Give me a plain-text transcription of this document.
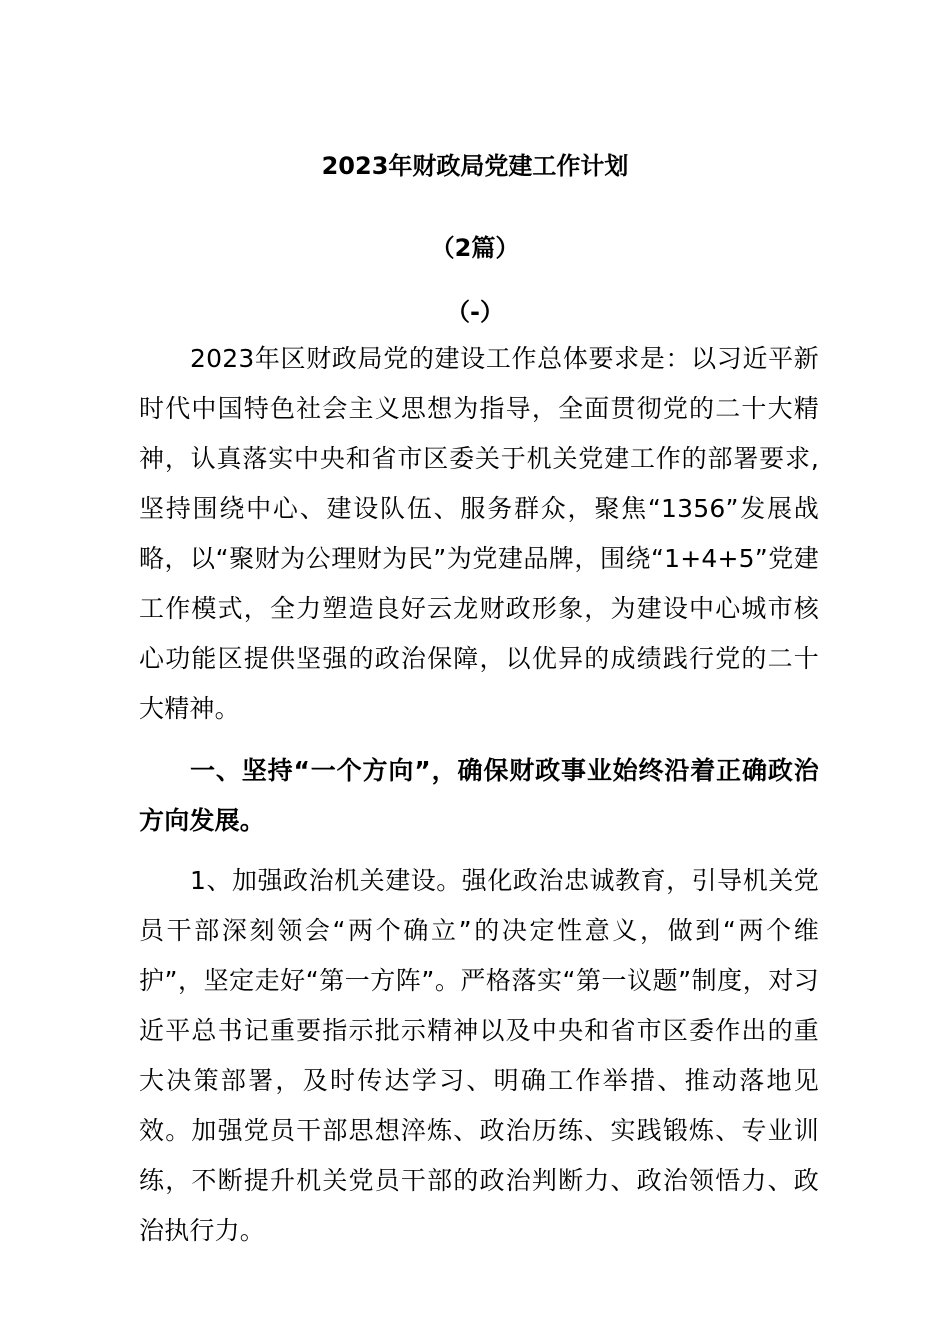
2023年财政局党建工作计划
（2篇）
（-）

2023年区财政局党的建设工作总体要求是：以习近平新时代中国特色社会主义思想为指导，全面贯彻党的二十大精神，认真落实中央和省市区委关于机关党建工作的部署要求,坚持围绕中心、建设队伍、服务群众，聚焦“1356”发展战略，以“聚财为公理财为民”为党建品牌，围绕“1+4+5”党建工作模式，全力塑造良好云龙财政形象，为建设中心城市核心功能区提供坚强的政治保障，以优异的成绩践行党的二十大精神。

一、坚持“一个方向”，确保财政事业始终沿着正确政治方向发展。

1、加强政治机关建设。强化政治忠诚教育，引导机关党员干部深刻领会“两个确立”的决定性意义，做到“两个维护”，坚定走好“第一方阵”。严格落实“第一议题”制度，对习近平总书记重要指示批示精神以及中央和省市区委作出的重大决策部署，及时传达学习、明确工作举措、推动落地见效。加强党员干部思想淬炼、政治历练、实践锻炼、专业训练，不断提升机关党员干部的政治判断力、政治领悟力、政治执行力。
